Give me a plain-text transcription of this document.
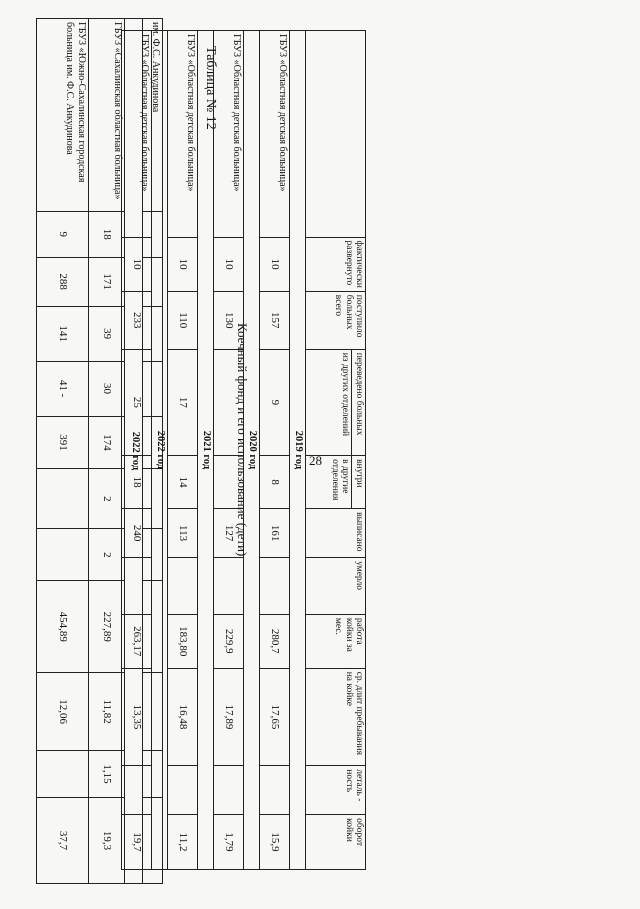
28
им. Ф.С. Анкудинова											
2022 год											
ГБУЗ «Сахалинская областная больница»	18	171	39	30	174	2	2	227,89	11,82	1,15	19,3
ГБУЗ «Южно-Сахалинская городская больница им. Ф.С. Анкудинова	9	288	141	41 -	391			454,89	12,06		37,7
Таблица № 12
Коечный фонд и его использование (дети)
	фактически развернуто	поступило больных всего	переведено больных	внутри	выписано	умерло	работа койки за мес.	ср. длит пребывания на койке	леталь - ность	оборот койки
			из других отделений	в другие отделения						
2019 год										
ГБУЗ «Областная детская больница»	10	157	9	8	161		280,7	17,65		15,9
2020 год										
ГБУЗ «Областная детская больница»	10	130			127		229,9	17,89		1,79
2021 год										
ГБУЗ «Областная детская больница»	10	110	17	14	113		183,80	16,48		11,2
2022 год										
ГБУЗ «Областная детская больница»	10	233	25	18	240		263,17	13,35		19,7
